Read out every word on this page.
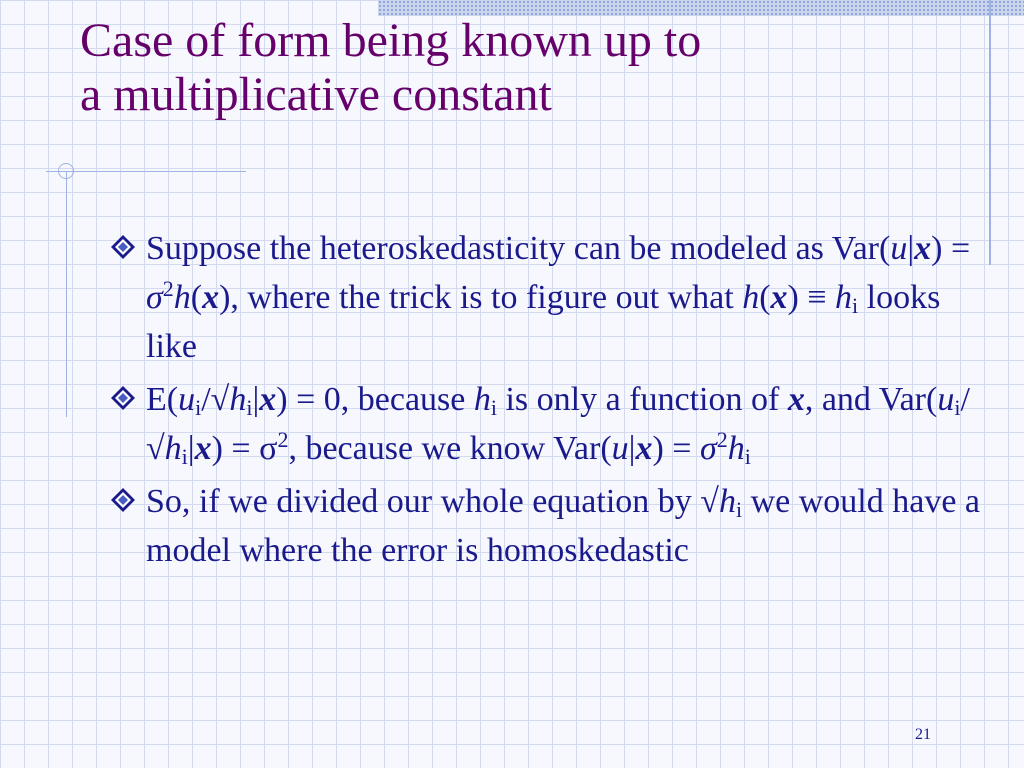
Case of form being known up to
a multiplicative constant
Suppose the heteroskedasticity can be modeled as $Var(u|x) = \sigma^2h(x)$, where the trick is to figure out what $h(x) \equiv h_i$ looks like
$E(u_i/√h_i|x) = 0$, because $h_i$ is only a function of x, and $Var(u_i/√h_i|x) = \sigma^2$, because we know $Var(u|x) = \sigma^2h_i$
So, if we divided our whole equation by $√h_i$ we would have a model where the error is homoskedastic
21
